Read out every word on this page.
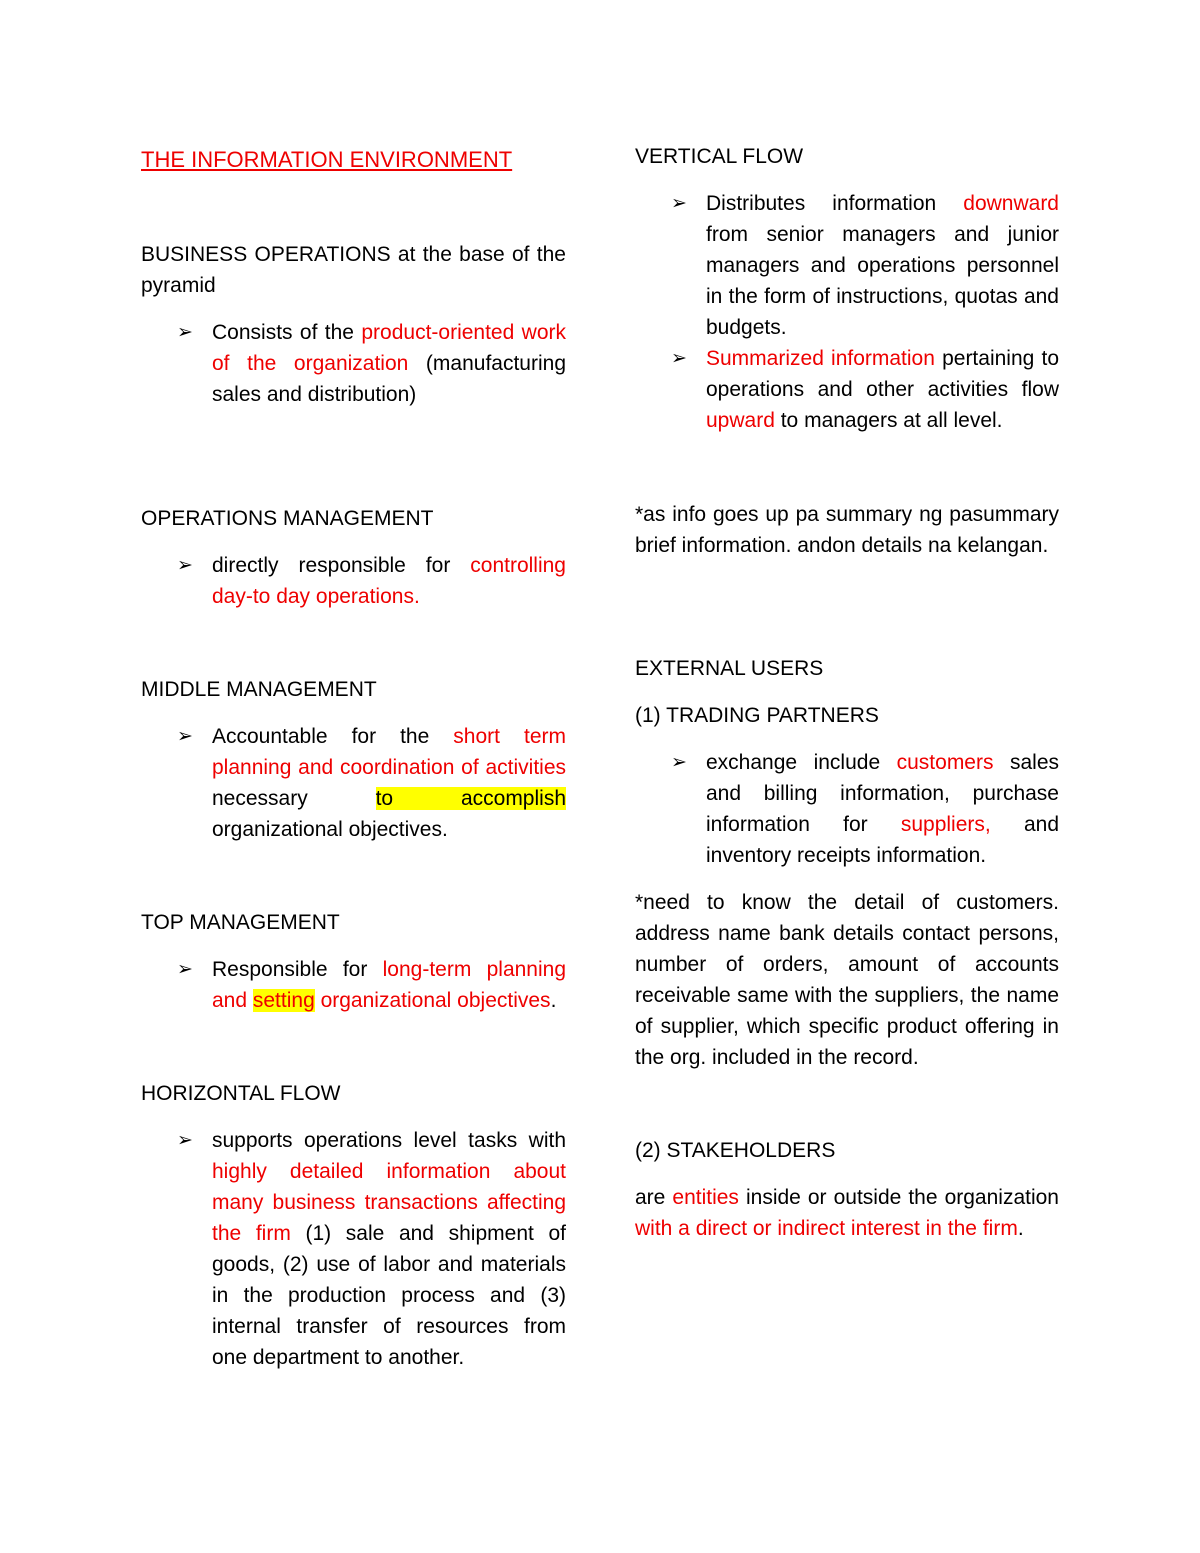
THE INFORMATION ENVIRONMENT

BUSINESS OPERATIONS at the base of the pyramid

➢ Consists of the product-oriented work of the organization (manufacturing sales and distribution)

OPERATIONS MANAGEMENT

➢ directly responsible for controlling day-to day operations.

MIDDLE MANAGEMENT

➢ Accountable for the short term planning and coordination of activities necessary to accomplish organizational objectives.

TOP MANAGEMENT

➢ Responsible for long-term planning and setting organizational objectives.

HORIZONTAL FLOW

➢ supports operations level tasks with highly detailed information about many business transactions affecting the firm (1) sale and shipment of goods, (2) use of labor and materials in the production process and (3) internal transfer of resources from one department to another.

VERTICAL FLOW

➢ Distributes information downward from senior managers and junior managers and operations personnel in the form of instructions, quotas and budgets.
➢ Summarized information pertaining to operations and other activities flow upward to managers at all level.

*as info goes up pa summary ng pasummary brief information. andon details na kelangan.

EXTERNAL USERS

(1) TRADING PARTNERS

➢ exchange include customers sales and billing information, purchase information for suppliers, and inventory receipts information.

*need to know the detail of customers. address name bank details contact persons, number of orders, amount of accounts receivable same with the suppliers, the name of supplier, which specific product offering in the org. included in the record.

(2) STAKEHOLDERS

are entities inside or outside the organization with a direct or indirect interest in the firm.
